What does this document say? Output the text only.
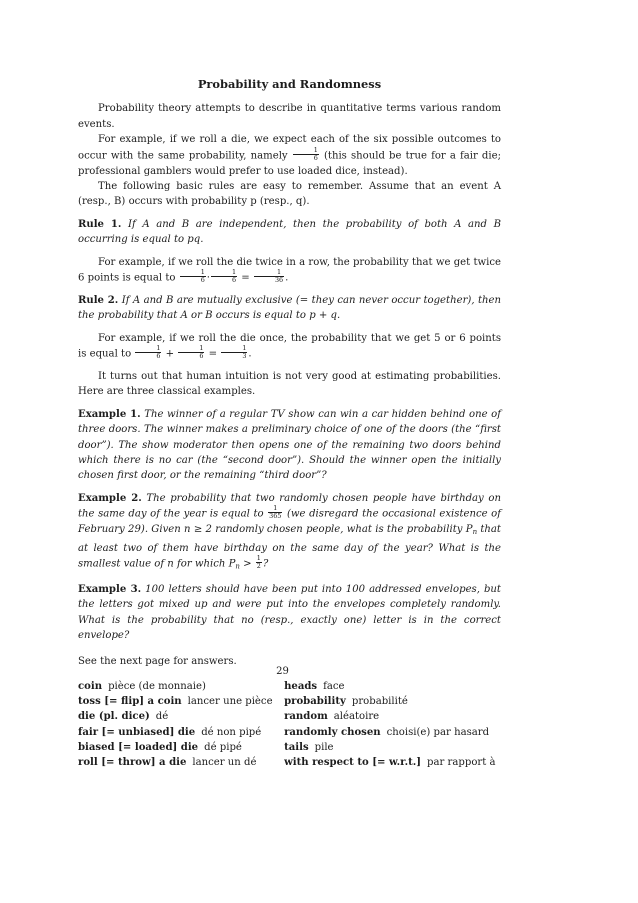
Probability and Randomness

Probability theory attempts to describe in quantitative terms various random events.

For example, if we roll a die, we expect each of the six possible outcomes to occur with the same probability, namely $\frac{1}{6}$ (this should be true for a fair die; professional gamblers would prefer to use loaded dice, instead).

The following basic rules are easy to remember. Assume that an event A (resp., B) occurs with probability p (resp., q).

Rule 1. If A and B are independent, then the probability of both A and B occurring is equal to pq.

For example, if we roll the die twice in a row, the probability that we get twice 6 points is equal to $\frac{1}{6} \cdot \frac{1}{6} = \frac{1}{36}$ .

Rule 2. If A and B are mutually exclusive (= they can never occur together), then the probability that A or B occurs is equal to p + q.

For example, if we roll the die once, the probability that we get 5 or 6 points is equal to $\frac{1}{6} + \frac{1}{6} = \frac{1}{3}$ .

It turns out that human intuition is not very good at estimating probabilities. Here are three classical examples.

Example 1. The winner of a regular TV show can win a car hidden behind one of three doors. The winner makes a preliminary choice of one of the doors (the “first door”). The show moderator then opens one of the remaining two doors behind which there is no car (the “second door”). Should the winner open the initially chosen first door, or the remaining “third door”?

Example 2. The probability that two randomly chosen people have birthday on the same day of the year is equal to $\frac{1}{365} (we$ disregard the occasional existence of February 29). Given n ≥ 2 randomly chosen people, what is the probability $P_n$ that at least two of them have birthday on the same day of the year? What is the smallest value of n for which $P_n > \frac{1}{2}$ ?

Example 3. 100 letters should have been put into 100 addressed envelopes, but the letters got mixed up and were put into the envelopes completely randomly. What is the probability that no (resp., exactly one) letter is in the correct envelope?

See the next page for answers.

coin pièce (de monnaie)
toss [= flip] a coin lancer une pièce
die (pl. dice) dé
fair [= unbiased] die dé non pipé
biased [= loaded] die dé pipé
roll [= throw] a die lancer un dé
heads face
probability probabilité
random aléatoire
randomly chosen choisi(e) par hasard
tails pile
with respect to [= w.r.t.] par rapport à
29
